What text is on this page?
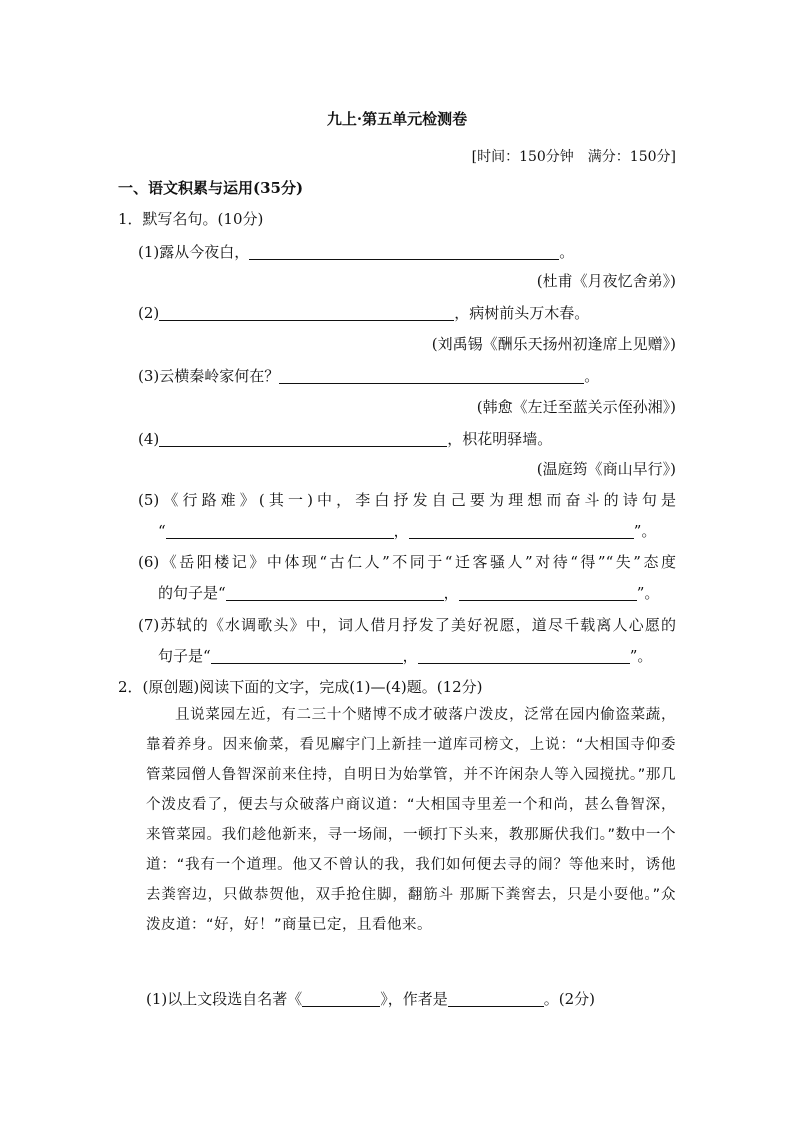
九上·第五单元检测卷
[时间：150分钟　满分：150分]
一、语文积累与运用(35分)
1．默写名句。(10分)
(1)露从今夜白，	。
(杜甫《月夜忆舍弟》)
(2)	，病树前头万木春。
(刘禹锡《酬乐天扬州初逢席上见赠》)
(3)云横秦岭家何在？	。
(韩愈《左迁至蓝关示侄孙湘》)
(4)	，枳花明驿墙。
(温庭筠《商山早行》)
(5)《行路难》(其一)中，李白抒发自己要为理想而奋斗的诗句是
“	，	”。
(6)《岳阳楼记》中体现“古仁人”不同于“迁客骚人”对待“得”“失”态度
的句子是“	，	”。
(7)苏轼的《水调歌头》中，词人借月抒发了美好祝愿，道尽千载离人心愿的
句子是“	，	”。
2．(原创题)阅读下面的文字，完成(1)—(4)题。(12分)

且说菜园左近，有二三十个赌博不成才破落户泼皮，泛常在园内偷盗菜蔬，靠着养身。因来偷菜，看见廨宇门上新挂一道库司榜文，上说：“大相国寺仰委管菜园僧人鲁智深前来住持，自明日为始掌管，并不许闲杂人等入园搅扰。”那几个泼皮看了，便去与众破落户商议道：“大相国寺里差一个和尚，甚么鲁智深，来管菜园。我们趁他新来，寻一场闹，一顿打下头来，教那厮伏我们。”数中一个道：“我有一个道理。他又不曾认的我，我们如何便去寻的闹？等他来时，诱他去粪窖边，只做恭贺他，双手抢住脚，翻筋斗 那厮下粪窖去，只是小耍他。”众泼皮道：“好，好！”商量已定，且看他来。

(1)以上文段选自名著《	》，作者是	。(2分)
